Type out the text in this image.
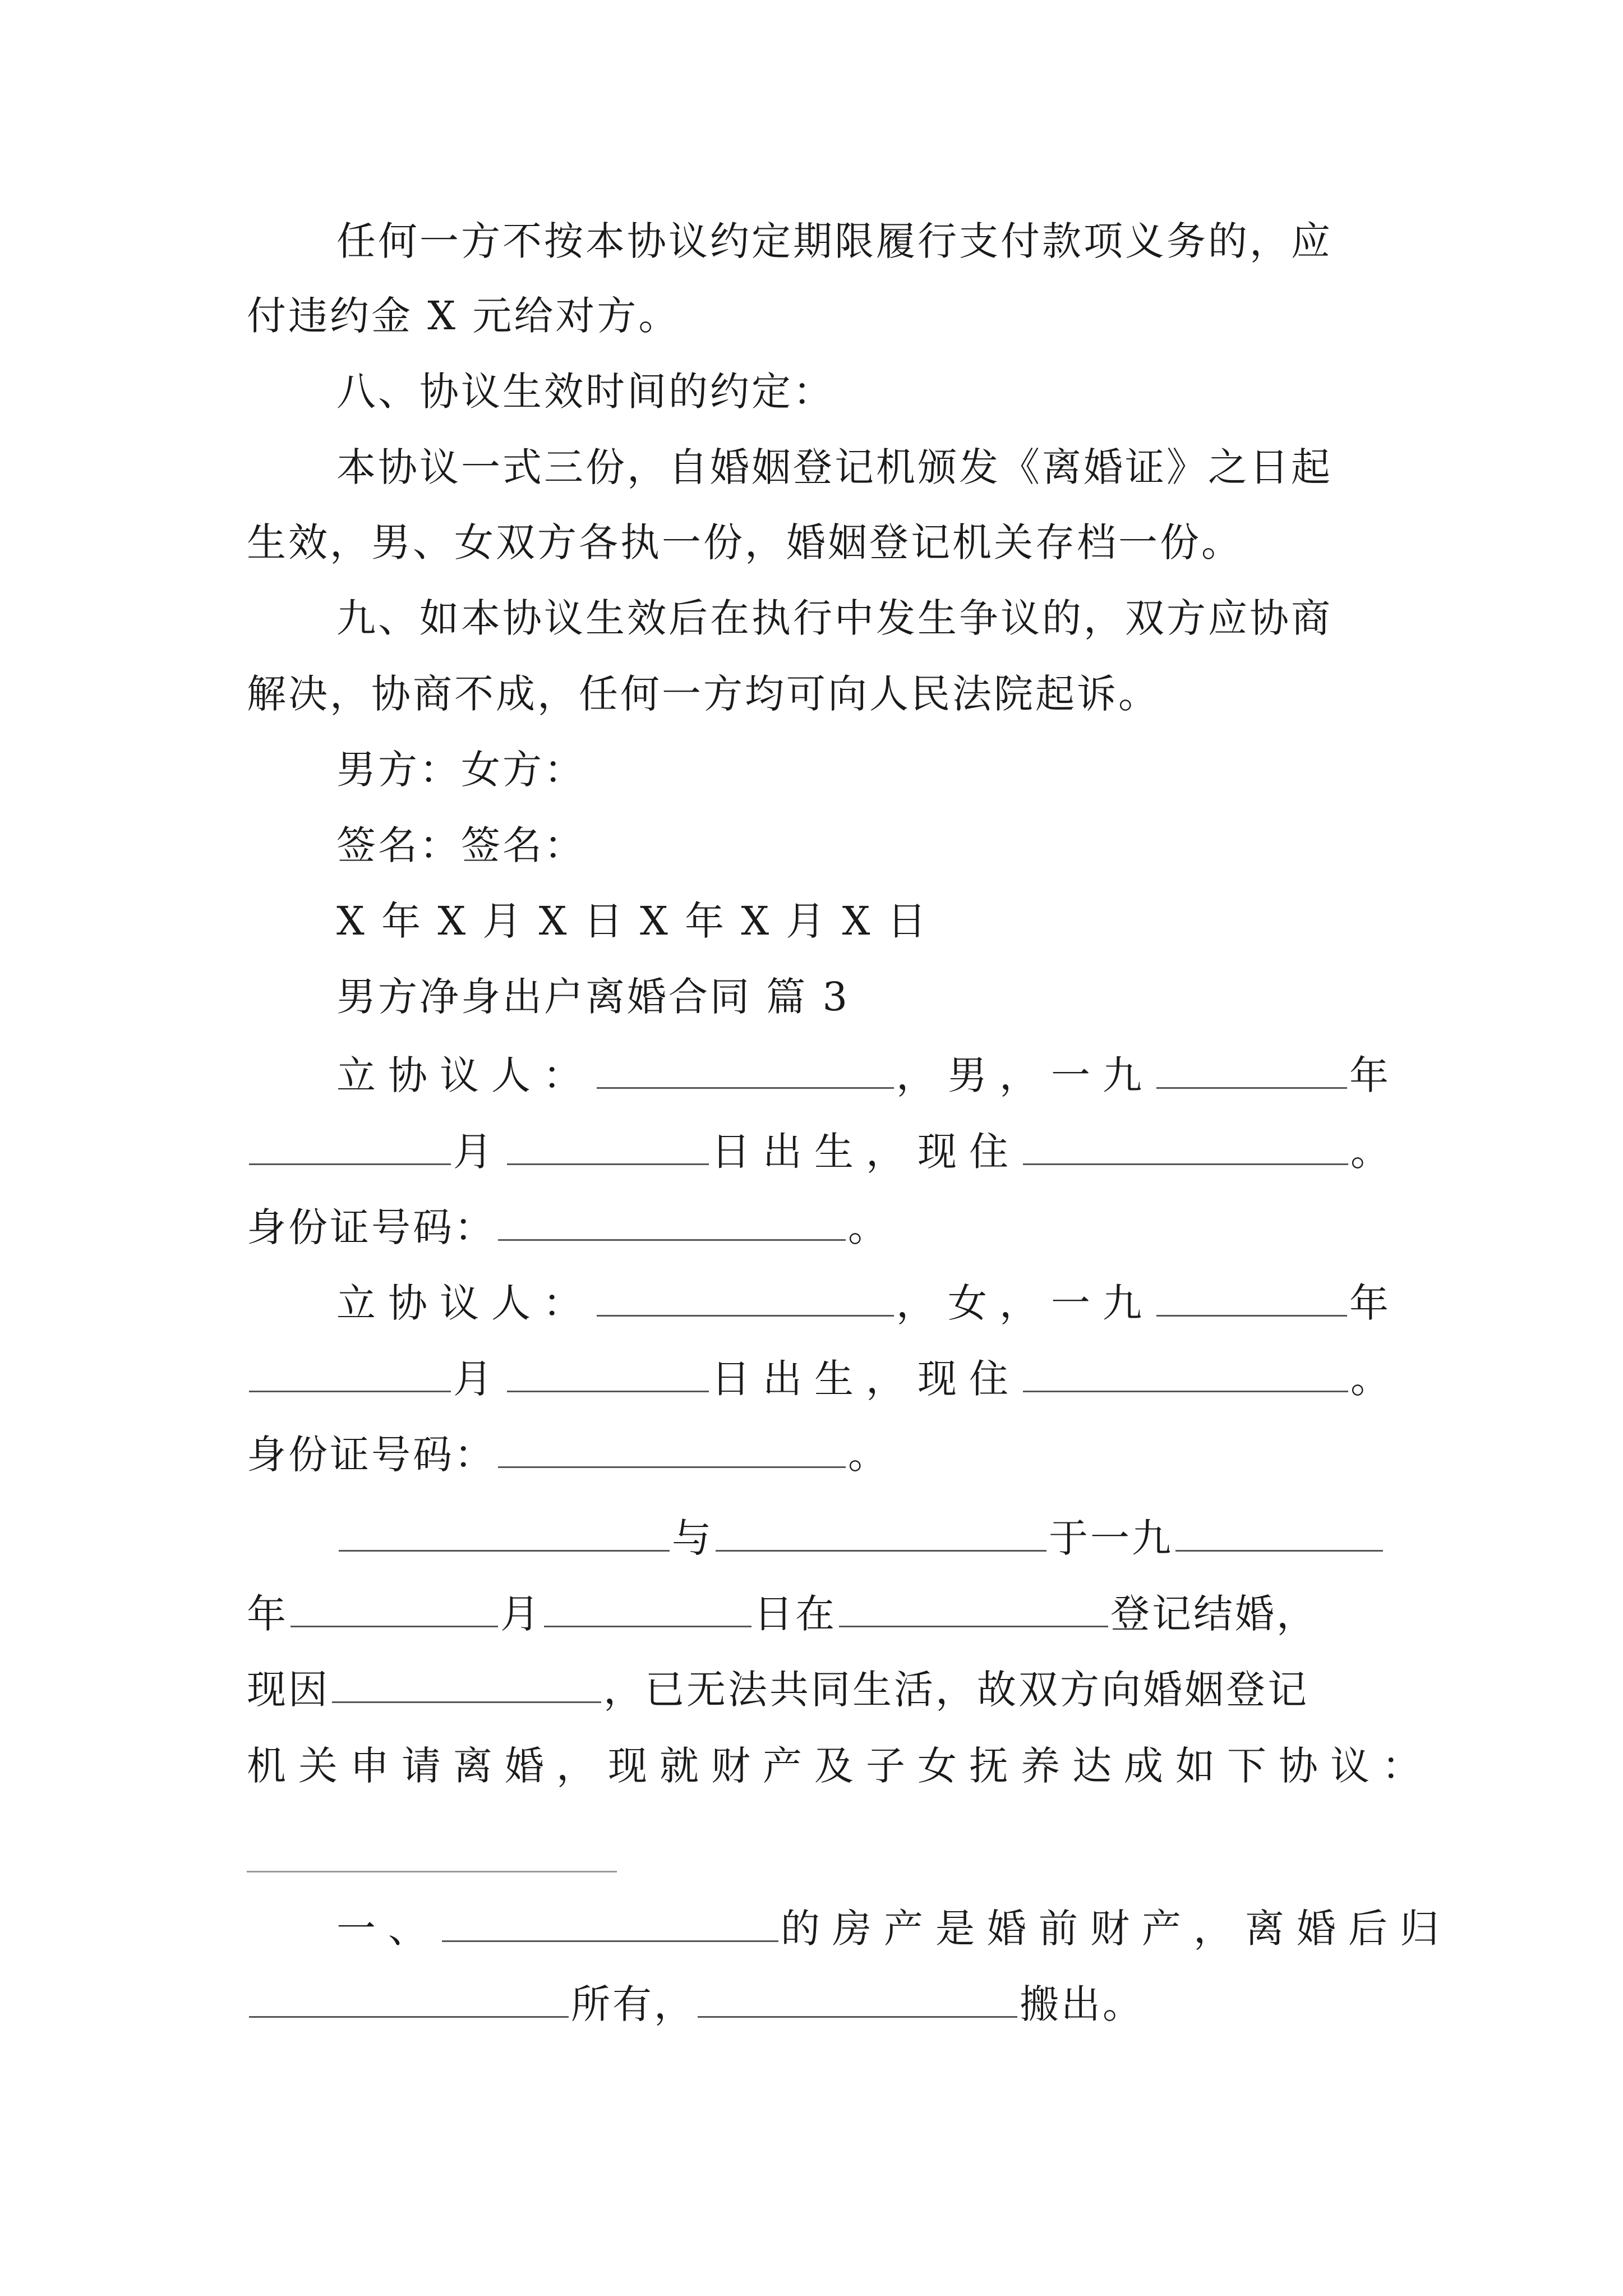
任何一方不按本协议约定期限履行支付款项义务的，应
付违约金 X 元给对方。
八、协议生效时间的约定：
本协议一式三份，自婚姻登记机颁发《离婚证》之日起
生效，男、女双方各执一份，婚姻登记机关存档一份。
九、如本协议生效后在执行中发生争议的，双方应协商
解决，协商不成，任何一方均可向人民法院起诉。
男方：女方：
签名：签名：
X 年 X 月 X 日 X 年 X 月 X 日
男方净身出户离婚合同 篇 3
立协议人：	，男，一九	年
月	日出生，现住	。
身份证号码：	。
立协议人：	，女，一九	年
月	日出生，现住	。
身份证号码：	。
与	于一九
年	月	日在	登记结婚，
现因	，已无法共同生活，故双方向婚姻登记
机关申请离婚，现就财产及子女抚养达成如下协议：
一、	的房产是婚前财产，离婚后归
所有，	搬出。
